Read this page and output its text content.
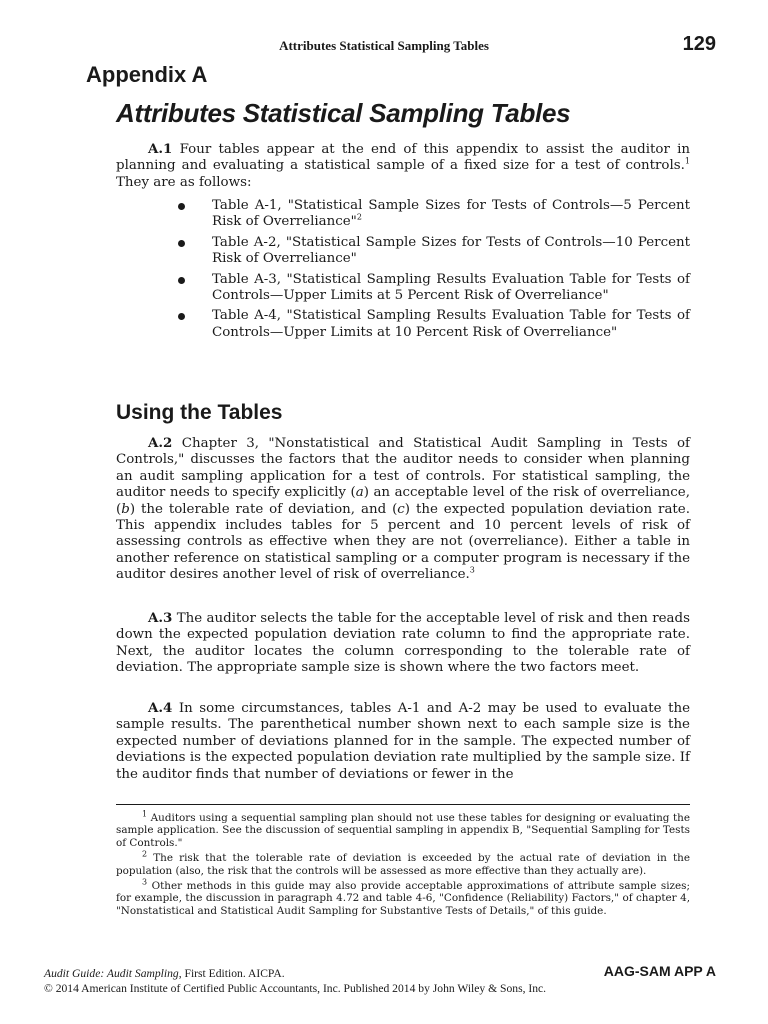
Attributes Statistical Sampling Tables	129
Appendix A
Attributes Statistical Sampling Tables

A.1 Four tables appear at the end of this appendix to assist the auditor in planning and evaluating a statistical sample of a fixed size for a test of controls.$^1$ They are as follows:

Table A-1, "Statistical Sample Sizes for Tests of Controls—5 Percent Risk of Overreliance"$^2$
Table A-2, "Statistical Sample Sizes for Tests of Controls—10 Percent Risk of Overreliance"
Table A-3, "Statistical Sampling Results Evaluation Table for Tests of Controls—Upper Limits at 5 Percent Risk of Overreliance"
Table A-4, "Statistical Sampling Results Evaluation Table for Tests of Controls—Upper Limits at 10 Percent Risk of Overreliance"
Using the Tables

A.2 Chapter 3, "Nonstatistical and Statistical Audit Sampling in Tests of Controls," discusses the factors that the auditor needs to consider when planning an audit sampling application for a test of controls. For statistical sampling, the auditor needs to specify explicitly (a) an acceptable level of the risk of overreliance, (b) the tolerable rate of deviation, and (c) the expected population deviation rate. This appendix includes tables for 5 percent and 10 percent levels of risk of assessing controls as effective when they are not (overreliance). Either a table in another reference on statistical sampling or a computer program is necessary if the auditor desires another level of risk of overreliance.$^3$

A.3 The auditor selects the table for the acceptable level of risk and then reads down the expected population deviation rate column to find the appropriate rate. Next, the auditor locates the column corresponding to the tolerable rate of deviation. The appropriate sample size is shown where the two factors meet.

A.4 In some circumstances, tables A-1 and A-2 may be used to evaluate the sample results. The parenthetical number shown next to each sample size is the expected number of deviations planned for in the sample. The expected number of deviations is the expected population deviation rate multiplied by the sample size. If the auditor finds that number of deviations or fewer in the

$^1$ Auditors using a sequential sampling plan should not use these tables for designing or evaluating the sample application. See the discussion of sequential sampling in appendix B, "Sequential Sampling for Tests of Controls."

$^2$ The risk that the tolerable rate of deviation is exceeded by the actual rate of deviation in the population (also, the risk that the controls will be assessed as more effective than they actually are).

$^3$ Other methods in this guide may also provide acceptable approximations of attribute sample sizes; for example, the discussion in paragraph 4.72 and table 4-6, "Confidence (Reliability) Factors," of chapter 4, "Nonstatistical and Statistical Audit Sampling for Substantive Tests of Details," of this guide.

Audit Guide: Audit Sampling, First Edition. AICPA.
© 2014 American Institute of Certified Public Accountants, Inc. Published 2014 by John Wiley & Sons, Inc.
AAG-SAM APP A
